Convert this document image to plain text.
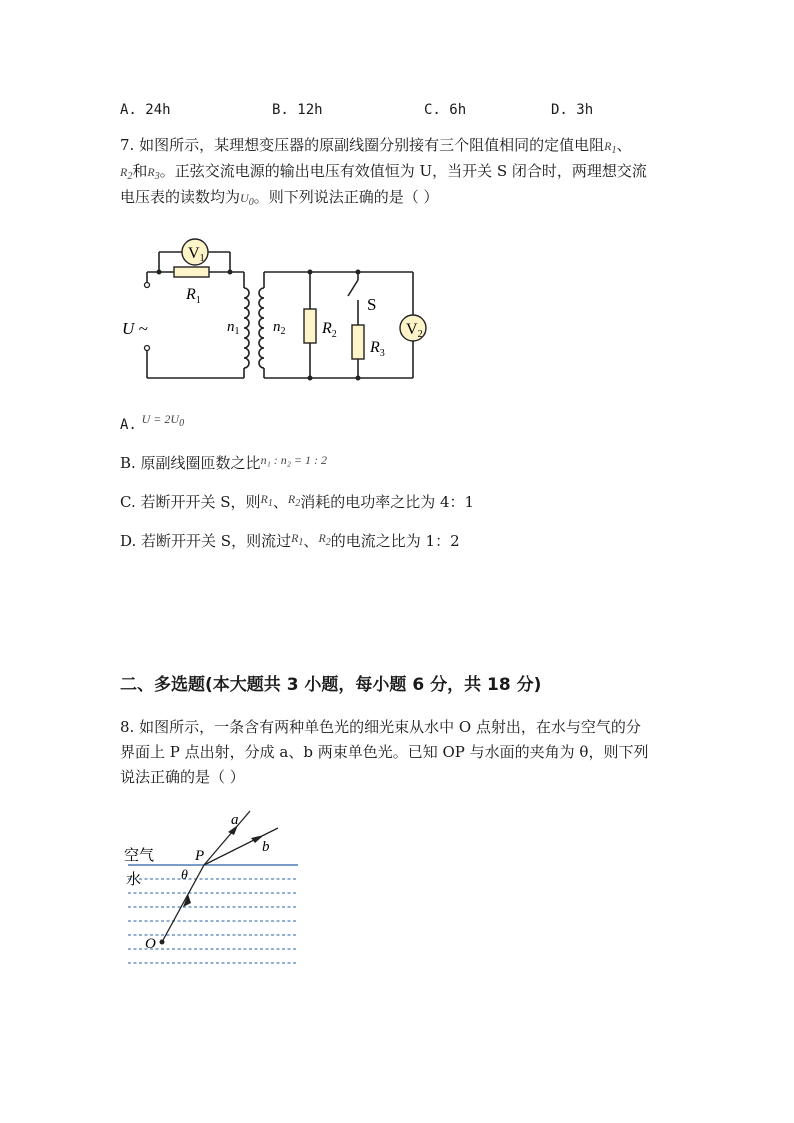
A. 24h	B. 12h	C. 6h	D. 3h
7. 如图所示，某理想变压器的原副线圈分别接有三个阻值相同的定值电阻$R_1$、
$R_2$和$R_3$。正弦交流电源的输出电压有效值恒为 U，当开关 S 闭合时，两理想交流
电压表的读数均为$U_0$。则下列说法正确的是（ ）
V1
V2
$R_1$
$R_2$
$R_3$
$n_1$ $n_2$
U ~
S
A. $^{U = 2U_0}$
B. 原副线圈匝数之比$^{n_1 : n_2 = 1 : 2}$
C. 若断开开关 S，则$^{R_1}$、$^{R_2}$消耗的电功率之比为 4：1
D. 若断开开关 S，则流过$^{R_1}$、$^{R_2}$的电流之比为 1：2
二、多选题(本大题共 3 小题，每小题 6 分，共 18 分)
8. 如图所示，一条含有两种单色光的细光束从水中 O 点射出，在水与空气的分
界面上 P 点出射，分成 a、b 两束单色光。已知 OP 与水面的夹角为 θ，则下列
说法正确的是（ ）
空气
水
P
θ
O
a
b
